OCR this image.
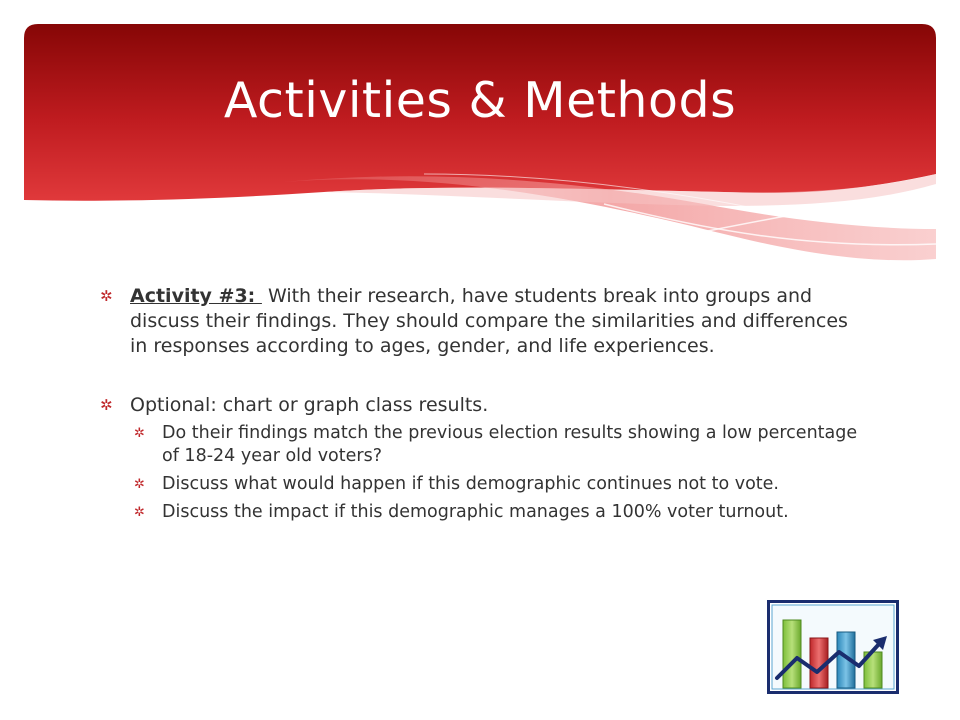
Activities & Methods
✲ Activity #3:  With their research, have students break into groups and discuss their findings. They should compare the similarities and differences in responses according to ages, gender, and life experiences.
✲ Optional: chart or graph class results.
✲ Do their findings match the previous election results showing a low percentage of 18-24 year old voters?
✲ Discuss what would happen if this demographic continues not to vote.
✲ Discuss the impact if this demographic manages a 100% voter turnout.
